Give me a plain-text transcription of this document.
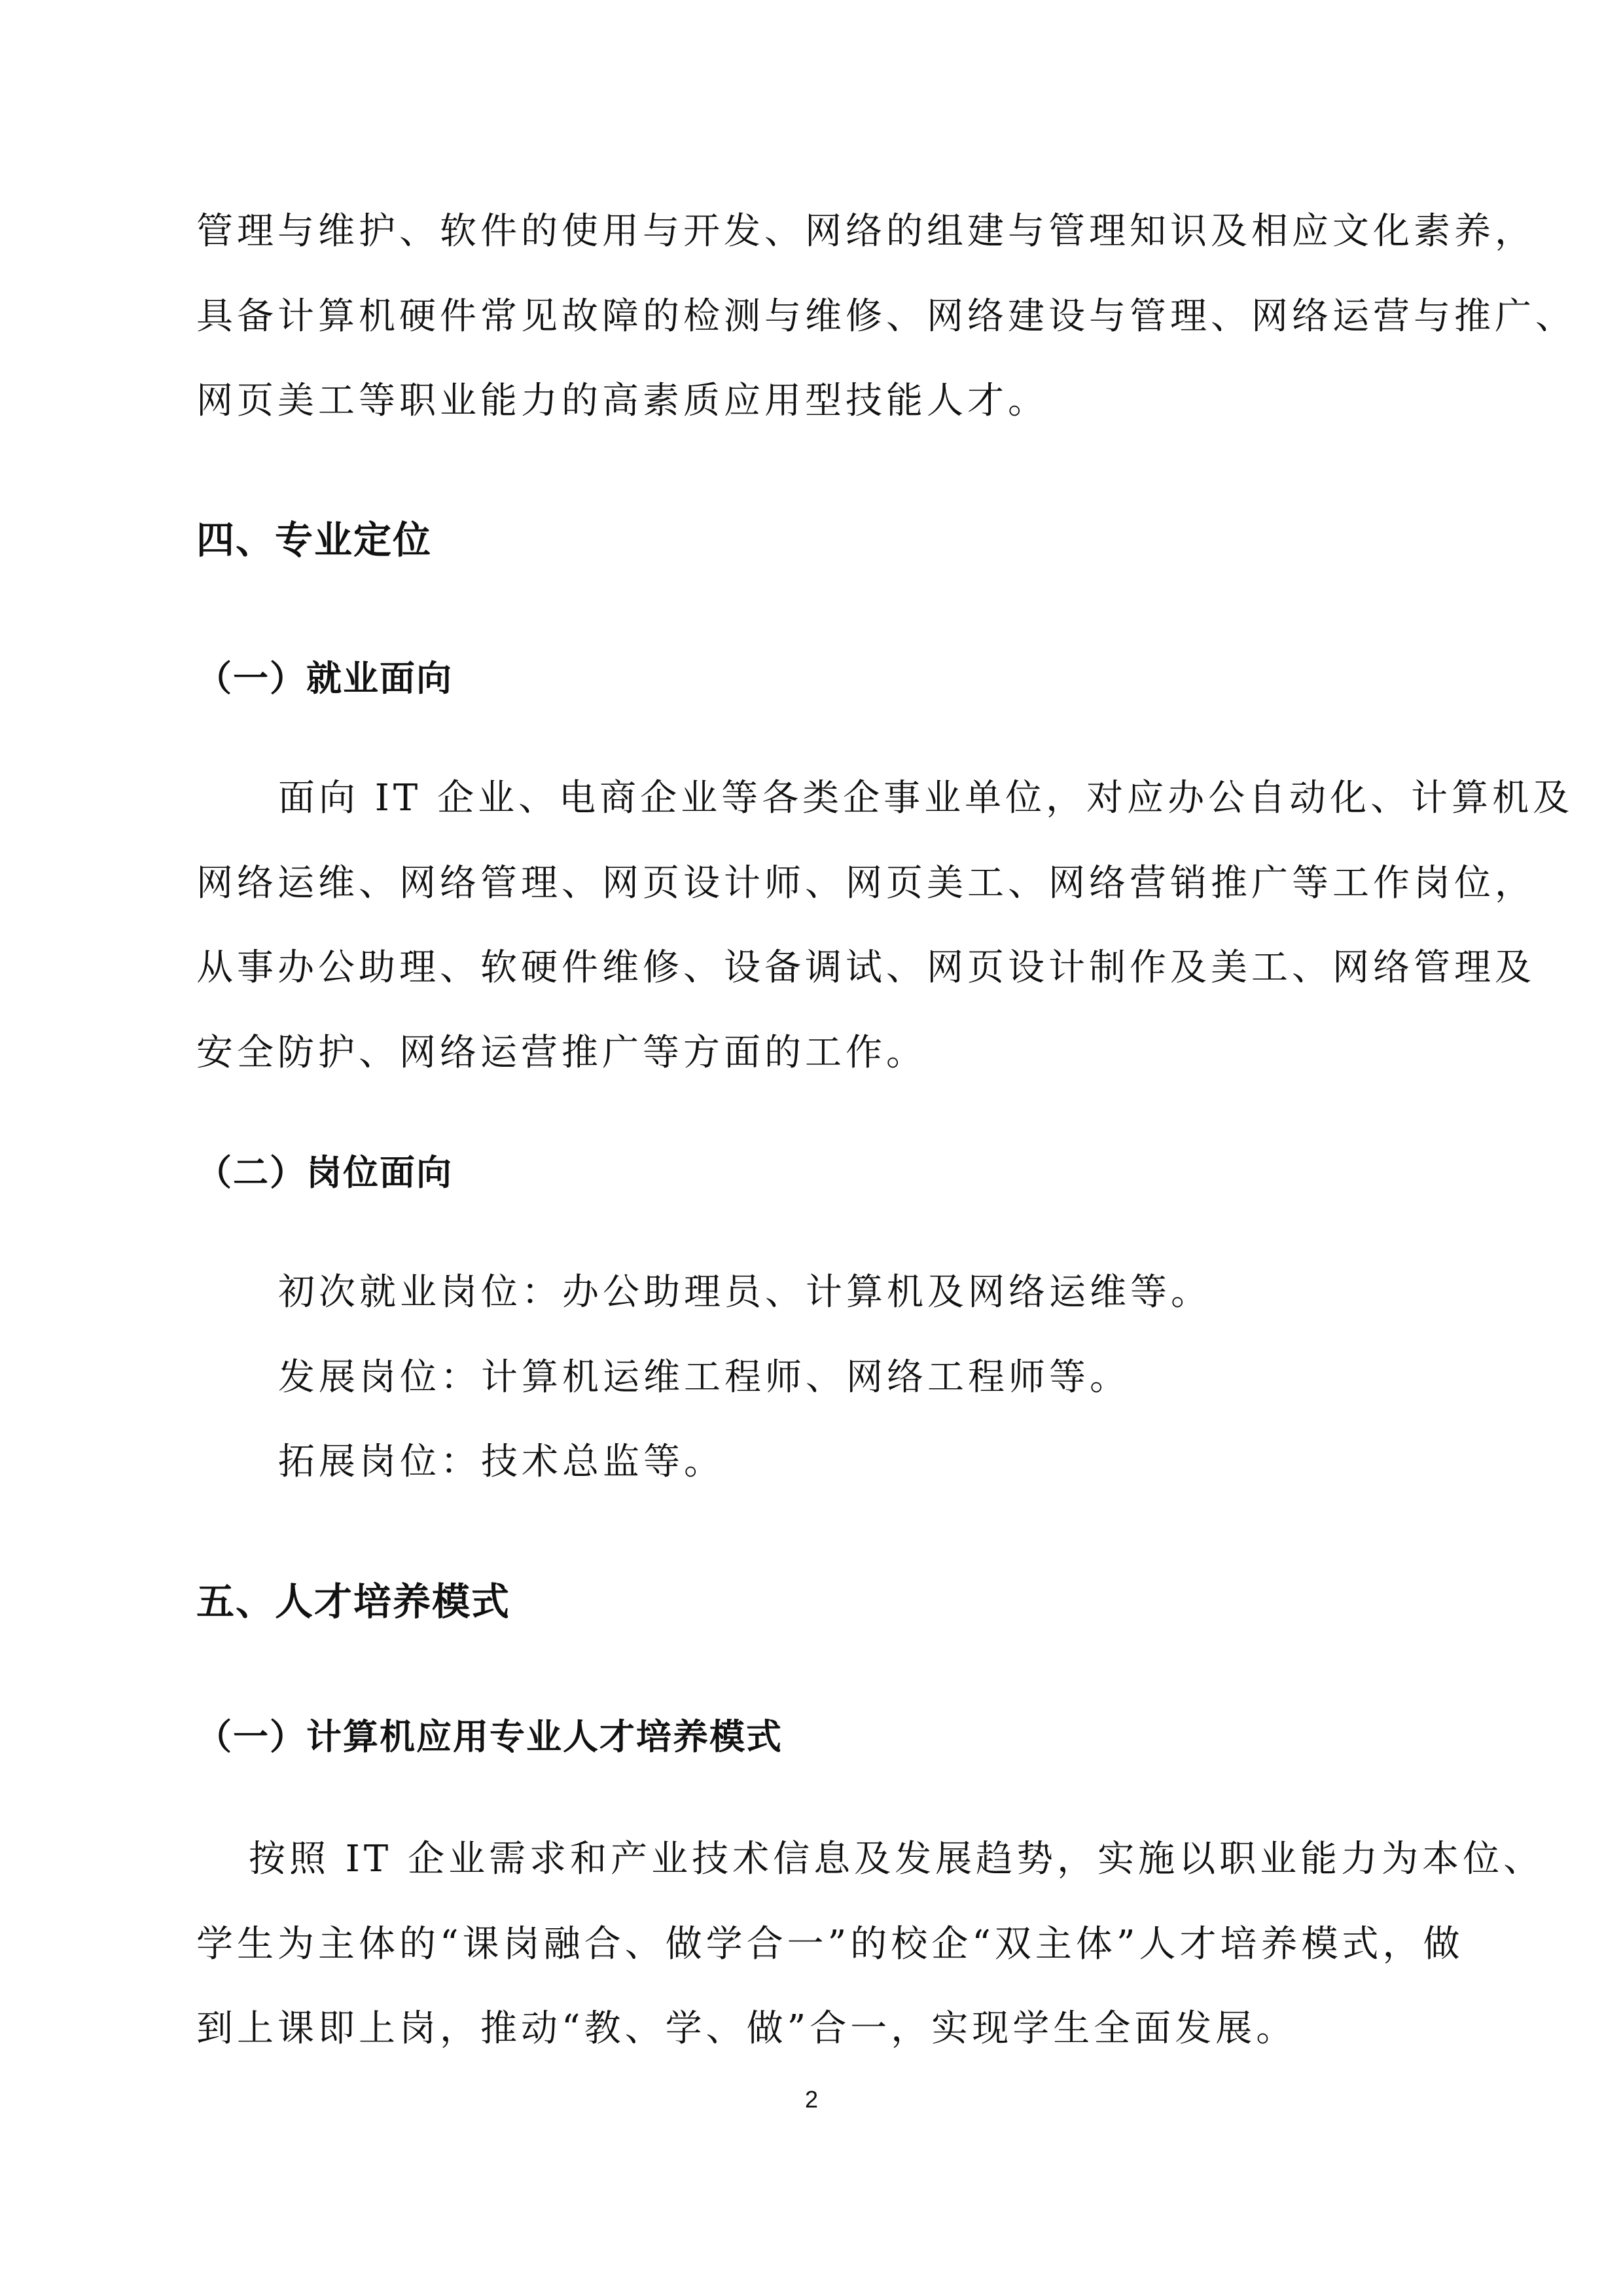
管理与维护、软件的使用与开发、网络的组建与管理知识及相应文化素养，
具备计算机硬件常见故障的检测与维修、网络建设与管理、网络运营与推广、
网页美工等职业能力的高素质应用型技能人才。
四、专业定位
（一）就业面向
面向 IT 企业、电商企业等各类企事业单位，对应办公自动化、计算机及
网络运维、网络管理、网页设计师、网页美工、网络营销推广等工作岗位，
从事办公助理、软硬件维修、设备调试、网页设计制作及美工、网络管理及
安全防护、网络运营推广等方面的工作。
（二）岗位面向
初次就业岗位：办公助理员、计算机及网络运维等。
发展岗位：计算机运维工程师、网络工程师等。
拓展岗位：技术总监等。
五、人才培养模式
（一）计算机应用专业人才培养模式
按照 IT 企业需求和产业技术信息及发展趋势，实施以职业能力为本位、
学生为主体的“课岗融合、做学合一”的校企“双主体”人才培养模式，做
到上课即上岗，推动“教、学、做”合一，实现学生全面发展。
2
